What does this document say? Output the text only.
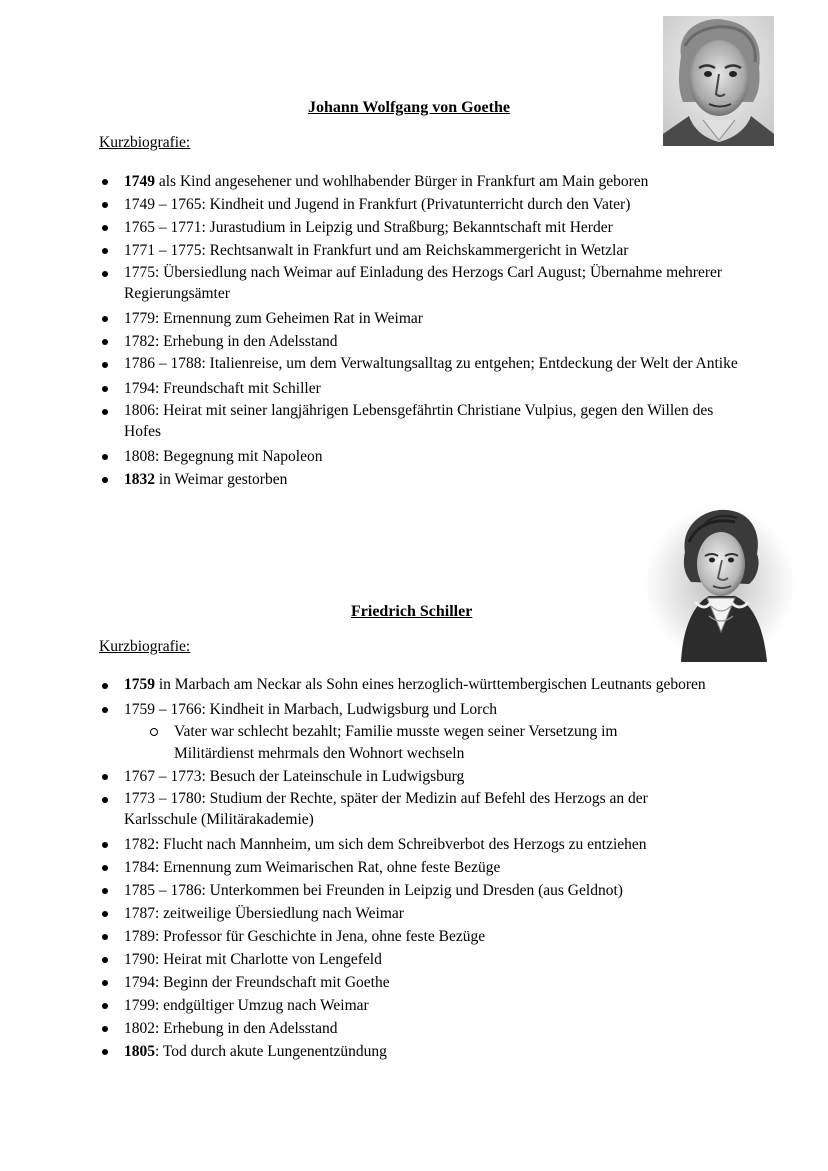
Johann Wolfgang von Goethe

Kurzbiografie:

1749 als Kind angesehener und wohlhabender Bürger in Frankfurt am Main geboren
1749 – 1765: Kindheit und Jugend in Frankfurt (Privatunterricht durch den Vater)
1765 – 1771: Jurastudium in Leipzig und Straßburg; Bekanntschaft mit Herder
1771 – 1775: Rechtsanwalt in Frankfurt und am Reichskammergericht in Wetzlar
1775: Übersiedlung nach Weimar auf Einladung des Herzogs Carl August; Übernahme mehrerer Regierungsämter
1779: Ernennung zum Geheimen Rat in Weimar
1782: Erhebung in den Adelsstand
1786 – 1788: Italienreise, um dem Verwaltungsalltag zu entgehen; Entdeckung der Welt der Antike
1794: Freundschaft mit Schiller
1806: Heirat mit seiner langjährigen Lebensgefährtin Christiane Vulpius, gegen den Willen des Hofes
1808: Begegnung mit Napoleon
1832 in Weimar gestorben
Friedrich Schiller

Kurzbiografie:

1759 in Marbach am Neckar als Sohn eines herzoglich-württembergischen Leutnants geboren
1759 – 1766: Kindheit in Marbach, Ludwigsburg und Lorch
Vater war schlecht bezahlt; Familie musste wegen seiner Versetzung im Militärdienst mehrmals den Wohnort wechseln
1767 – 1773: Besuch der Lateinschule in Ludwigsburg
1773 – 1780: Studium der Rechte, später der Medizin auf Befehl des Herzogs an der Karlsschule (Militärakademie)
1782: Flucht nach Mannheim, um sich dem Schreibverbot des Herzogs zu entziehen
1784: Ernennung zum Weimarischen Rat, ohne feste Bezüge
1785 – 1786: Unterkommen bei Freunden in Leipzig und Dresden (aus Geldnot)
1787: zeitweilige Übersiedlung nach Weimar
1789: Professor für Geschichte in Jena, ohne feste Bezüge
1790: Heirat mit Charlotte von Lengefeld
1794: Beginn der Freundschaft mit Goethe
1799: endgültiger Umzug nach Weimar
1802: Erhebung in den Adelsstand
1805: Tod durch akute Lungenentzündung
